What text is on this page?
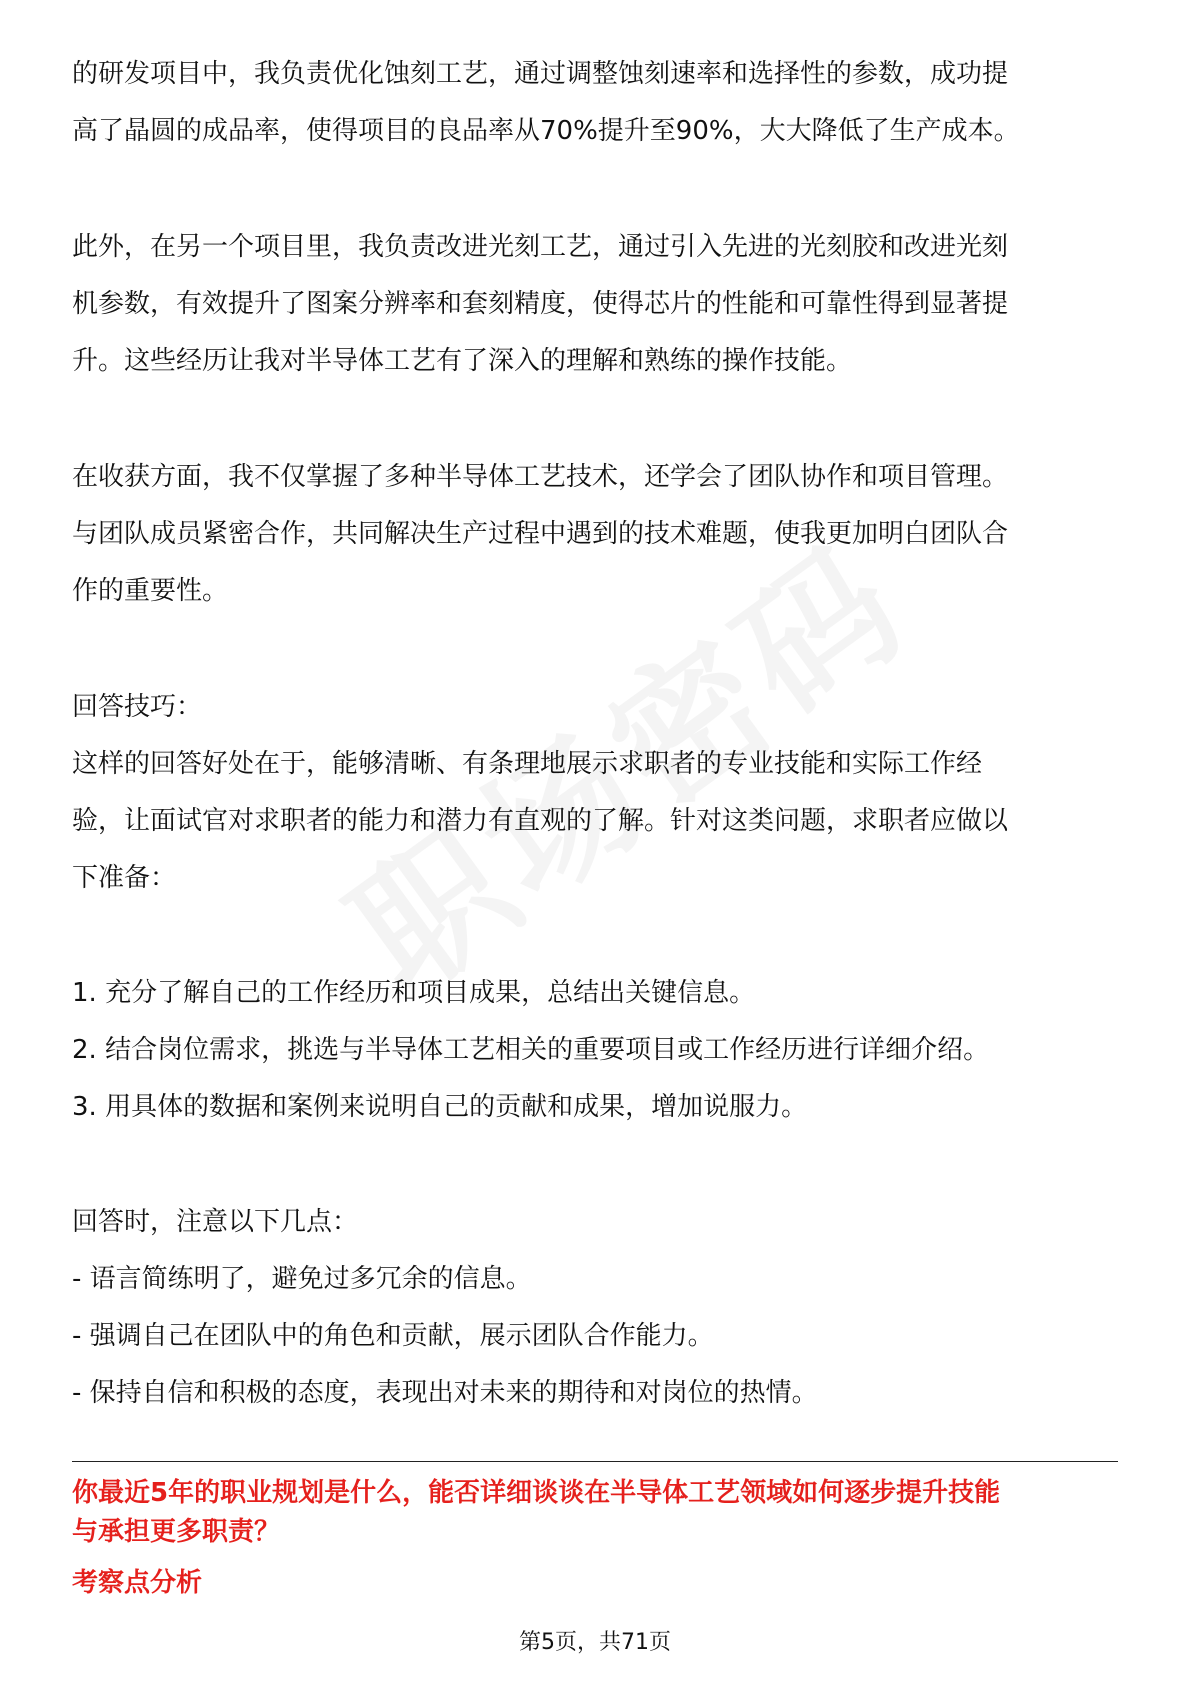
的研发项目中，我负责优化蚀刻工艺，通过调整蚀刻速率和选择性的参数，成功提

高了晶圆的成品率，使得项目的良品率从70%提升至90%，大大降低了生产成本。

此外，在另一个项目里，我负责改进光刻工艺，通过引入先进的光刻胶和改进光刻

机参数，有效提升了图案分辨率和套刻精度，使得芯片的性能和可靠性得到显著提

升。这些经历让我对半导体工艺有了深入的理解和熟练的操作技能。

在收获方面，我不仅掌握了多种半导体工艺技术，还学会了团队协作和项目管理。

与团队成员紧密合作，共同解决生产过程中遇到的技术难题，使我更加明白团队合

作的重要性。

回答技巧：

这样的回答好处在于，能够清晰、有条理地展示求职者的专业技能和实际工作经

验，让面试官对求职者的能力和潜力有直观的了解。针对这类问题，求职者应做以

下准备：

1. 充分了解自己的工作经历和项目成果，总结出关键信息。

2. 结合岗位需求，挑选与半导体工艺相关的重要项目或工作经历进行详细介绍。

3. 用具体的数据和案例来说明自己的贡献和成果，增加说服力。

回答时，注意以下几点：

- 语言简练明了，避免过多冗余的信息。

- 强调自己在团队中的角色和贡献，展示团队合作能力。

- 保持自信和积极的态度，表现出对未来的期待和对岗位的热情。

你最近5年的职业规划是什么，能否详细谈谈在半导体工艺领域如何逐步提升技能
与承担更多职责？

考察点分析

第5页，共71页
